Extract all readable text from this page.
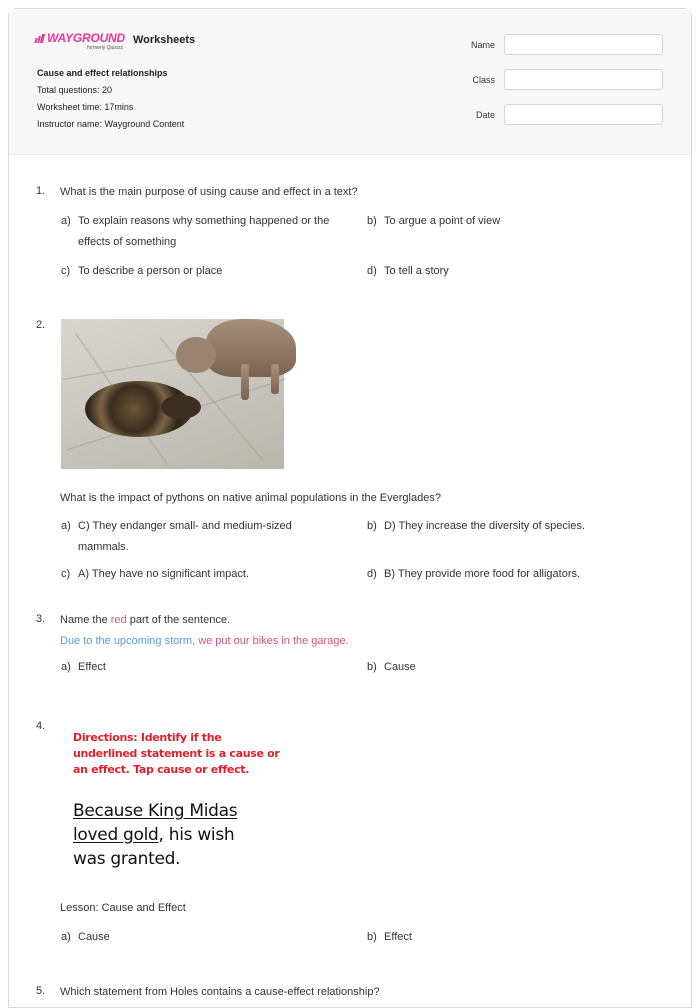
WAYGROUND
formerly Quizizz
Worksheets
Cause and effect relationships
Total questions: 20
Worksheet time: 17mins
Instructor name: Wayground Content
Name
Class
Date
1. What is the main purpose of using cause and effect in a text?
a) To explain reasons why something happened or the effects of something
b) To argue a point of view
c) To describe a person or place	d) To tell a story
2.
What is the impact of pythons on native animal populations in the Everglades?
a) C) They endanger small- and medium-sized mammals.
b) D) They increase the diversity of species.
c) A) They have no significant impact.	d) B) They provide more food for alligators.
3. Name the red part of the sentence.
Due to the upcoming storm, we put our bikes in the garage.
a) Effect	b) Cause
4.
Directions: Identify if the
underlined statement is a cause or
an effect. Tap cause or effect.
Because King Midas
loved gold, his wish
was granted.
Lesson: Cause and Effect
a) Cause	b) Effect
5. Which statement from Holes contains a cause-effect relationship?
